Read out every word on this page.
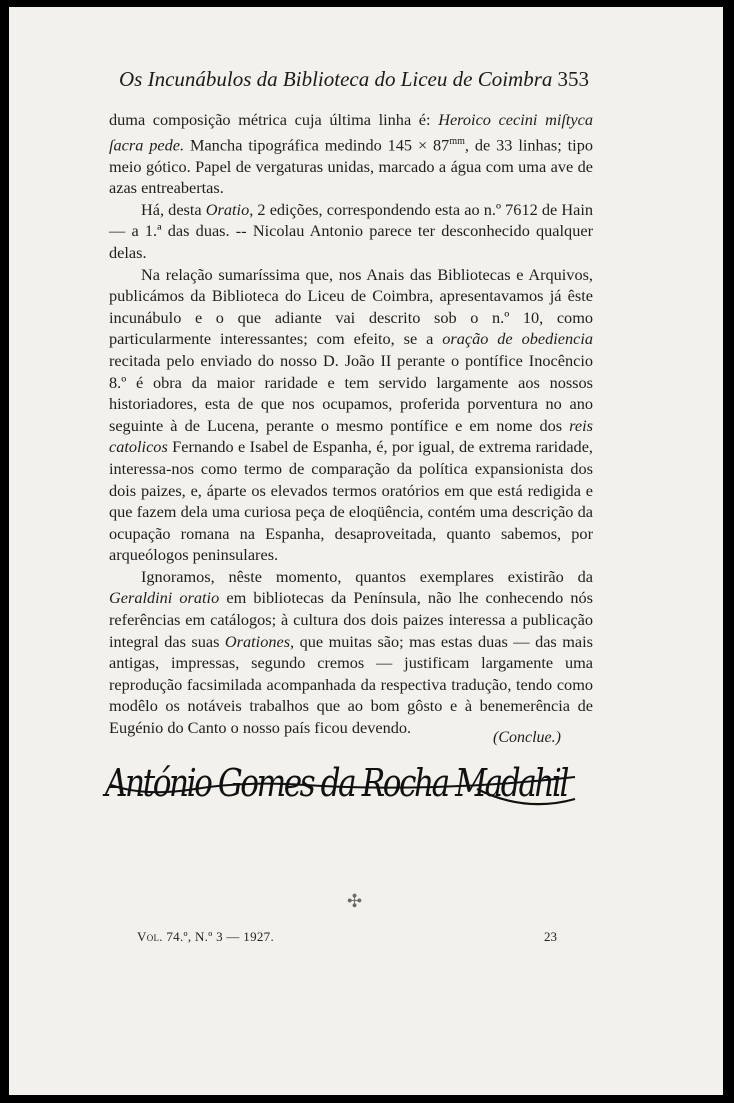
Os Incunábulos da Biblioteca do Liceu de Coimbra 353

duma composição métrica cuja última linha é: Heroico cecini miſtyca ſacra pede. Mancha tipográfica medindo $145 \times 87^{mm}$, de 33 linhas; tipo meio gótico. Papel de vergaturas unidas, marcado a água com uma ave de azas entreabertas.

Há, desta Oratio, 2 edições, correspondendo esta ao n.º 7612 de Hain — a 1.ª das duas. -- Nicolau Antonio parece ter desconhecido qualquer delas.

Na relação sumaríssima que, nos Anais das Bibliotecas e Arquivos, publicámos da Biblioteca do Liceu de Coimbra, apresentavamos já êste incunábulo e o que adiante vai descrito sob o n.º 10, como particularmente interessantes; com efeito, se a oração de obediencia recitada pelo enviado do nosso D. João II perante o pontífice Inocêncio 8.º é obra da maior raridade e tem servido largamente aos nossos historiadores, esta de que nos ocupamos, proferida porventura no ano seguinte à de Lucena, perante o mesmo pontífice e em nome dos reis catolicos Fernando e Isabel de Espanha, é, por igual, de extrema raridade, interessa-nos como termo de comparação da política expansionista dos dois paizes, e, áparte os elevados termos oratórios em que está redigida e que fazem dela uma curiosa peça de eloqüência, contém uma descrição da ocupação romana na Espanha, desaproveitada, quanto sabemos, por arqueólogos peninsulares.

Ignoramos, nêste momento, quantos exemplares existirão da Geraldini oratio em bibliotecas da Península, não lhe conhecendo nós referências em catálogos; à cultura dos dois paizes interessa a publicação integral das suas Orationes, que muitas são; mas estas duas — das mais antigas, impressas, segundo cremos — justificam largamente uma reprodução facsimilada acompanhada da respectiva tradução, tendo como modêlo os notáveis trabalhos que ao bom gôsto e à benemerência de Eugénio do Canto o nosso país ficou devendo.

(Conclue.)
António Gomes da Rocha Madahil
✣
Vol. 74.º, N.º 3 — 1927.	23
